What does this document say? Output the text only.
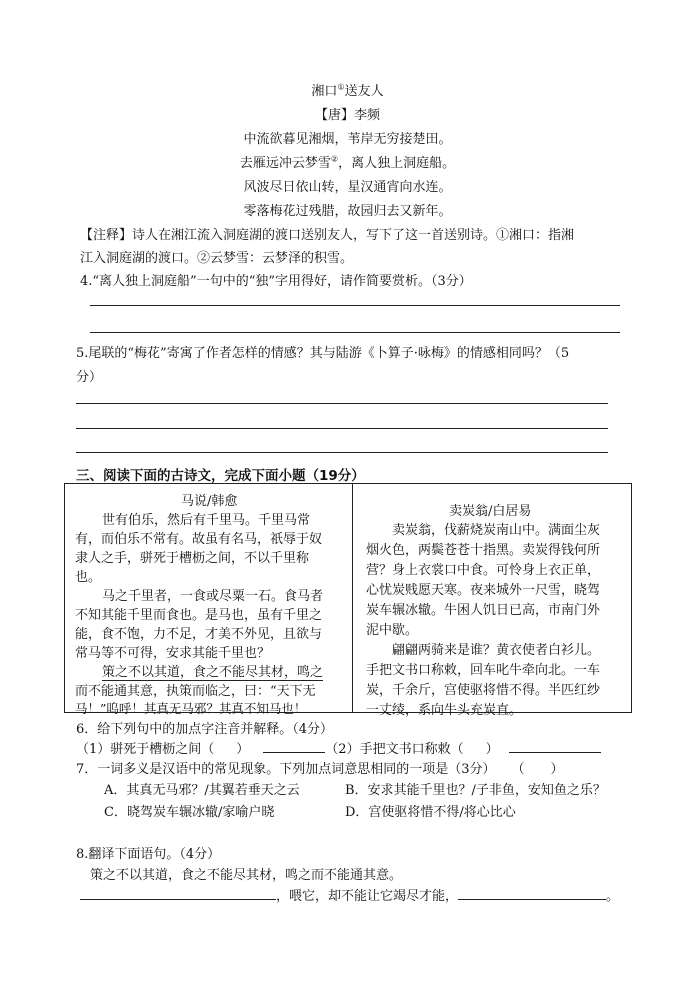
湘口①送友人
【唐】李频
中流欲暮见湘烟，苇岸无穷接楚田。
去雁远冲云梦雪②，离人独上洞庭船。
风波尽日依山转，星汉通宵向水连。
零落梅花过残腊，故园归去又新年。
【注释】诗人在湘江流入洞庭湖的渡口送别友人，写下了这一首送别诗。①湘口：指湘
江入洞庭湖的渡口。②云梦雪：云梦泽的积雪。
4.“离人独上洞庭船”一句中的“独”字用得好，请作简要赏析。（3分）
5.尾联的“梅花”寄寓了作者怎样的情感？其与陆游《卜算子·咏梅》的情感相同吗？（5
分）
三、阅读下面的古诗文，完成下面小题（19分）
马说/韩愈
世有伯乐，然后有千里马。千里马常
有，而伯乐不常有。故虽有名马，祇辱于奴
隶人之手，骈死于槽枥之间，不以千里称
也。
马之千里者，一食或尽粟一石。食马者
不知其能千里而食也。是马也，虽有千里之
能，食不饱，力不足，才美不外见，且欲与
常马等不可得，安求其能千里也？
策之不以其道，食之不能尽其材，鸣之
而不能通其意，执策而临之，曰：“天下无
马！”呜呼！其真无马邪？其真不知马也！
卖炭翁/白居易
卖炭翁，伐薪烧炭南山中。满面尘灰
烟火色，两鬓苍苍十指黑。卖炭得钱何所
营？身上衣裳口中食。可怜身上衣正单，
心忧炭贱愿天寒。夜来城外一尺雪，晓驾
炭车辗冰辙。牛困人饥日已高，市南门外
泥中歇。
翩翩两骑来是谁？黄衣使者白衫儿。
手把文书口称敕，回车叱牛牵向北。一车
炭，千余斤，宫使驱将惜不得。半匹红纱
一丈绫，系向牛头充炭直。
6．给下列句中的加点字注音并解释。（4分）
（1）骈死于槽枥之间（ ）	（2）手把文书口称敕（ ）
7．一词多义是汉语中的常见现象。下列加点词意思相同的一项是（3分） （　　）
A．其真无马邪？/其翼若垂天之云	B．安求其能千里也？/子非鱼，安知鱼之乐？
C．晓驾炭车辗冰辙/家喻户晓	D．宫使驱将惜不得/将心比心
8.翻译下面语句。（4分）
策之不以其道，食之不能尽其材，鸣之而不能通其意。
，喂它，却不能让它竭尽才能，	。
